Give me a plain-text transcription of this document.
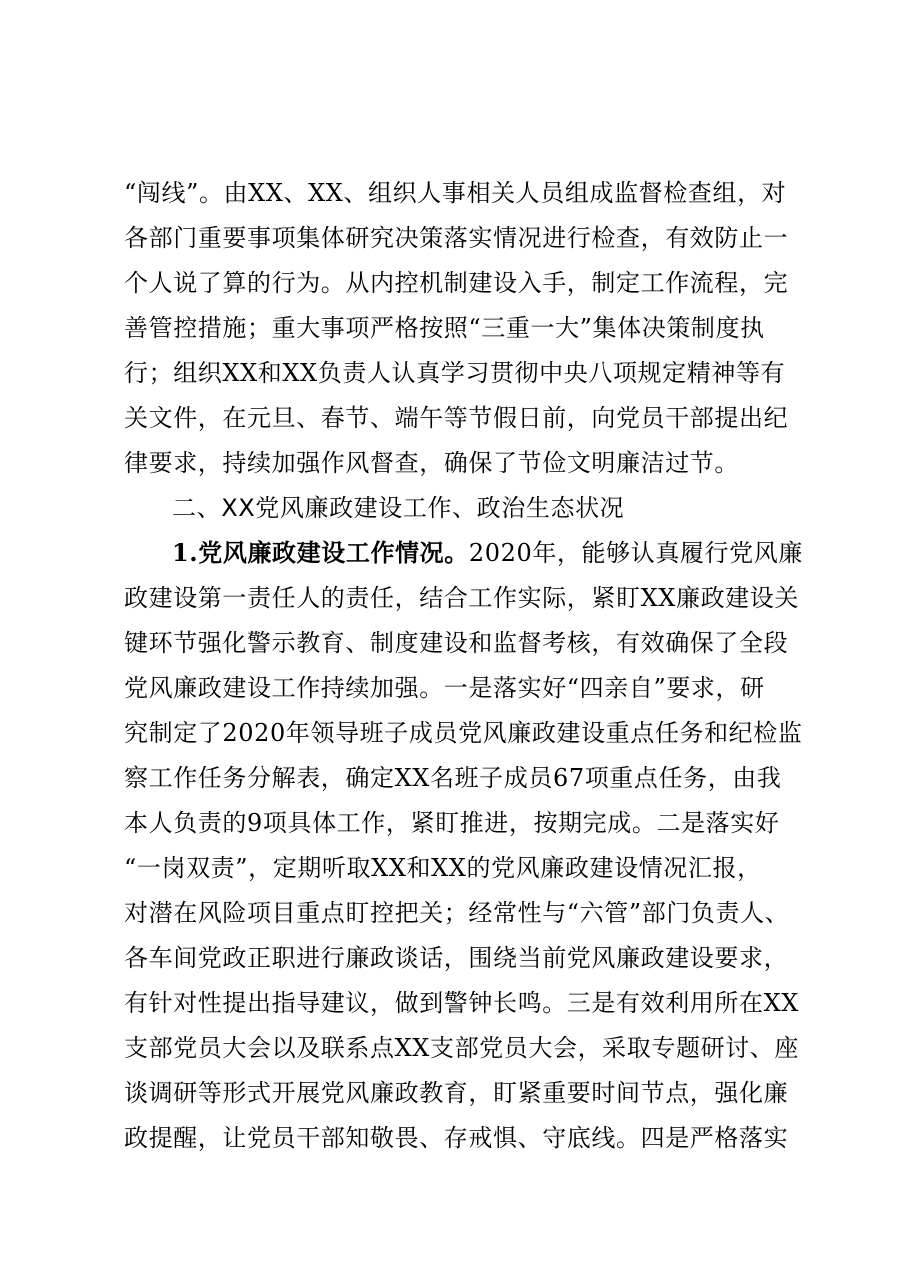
“闯线”。由XX、XX、组织人事相关人员组成监督检查组，对
各部门重要事项集体研究决策落实情况进行检查，有效防止一
个人说了算的行为。从内控机制建设入手，制定工作流程，完
善管控措施；重大事项严格按照“三重一大”集体决策制度执
行；组织XX和XX负责人认真学习贯彻中央八项规定精神等有
关文件，在元旦、春节、端午等节假日前，向党员干部提出纪
律要求，持续加强作风督查，确保了节俭文明廉洁过节。
二、XX党风廉政建设工作、政治生态状况
1.党风廉政建设工作情况。2020年，能够认真履行党风廉
政建设第一责任人的责任，结合工作实际，紧盯XX廉政建设关
键环节强化警示教育、制度建设和监督考核，有效确保了全段
党风廉政建设工作持续加强。一是落实好“四亲自”要求，研
究制定了2020年领导班子成员党风廉政建设重点任务和纪检监
察工作任务分解表，确定XX名班子成员67项重点任务，由我
本人负责的9项具体工作，紧盯推进，按期完成。二是落实好
“一岗双责”，定期听取XX和XX的党风廉政建设情况汇报，
对潜在风险项目重点盯控把关；经常性与“六管”部门负责人、
各车间党政正职进行廉政谈话，围绕当前党风廉政建设要求，
有针对性提出指导建议，做到警钟长鸣。三是有效利用所在XX
支部党员大会以及联系点XX支部党员大会，采取专题研讨、座
谈调研等形式开展党风廉政教育，盯紧重要时间节点，强化廉
政提醒，让党员干部知敬畏、存戒惧、守底线。四是严格落实
